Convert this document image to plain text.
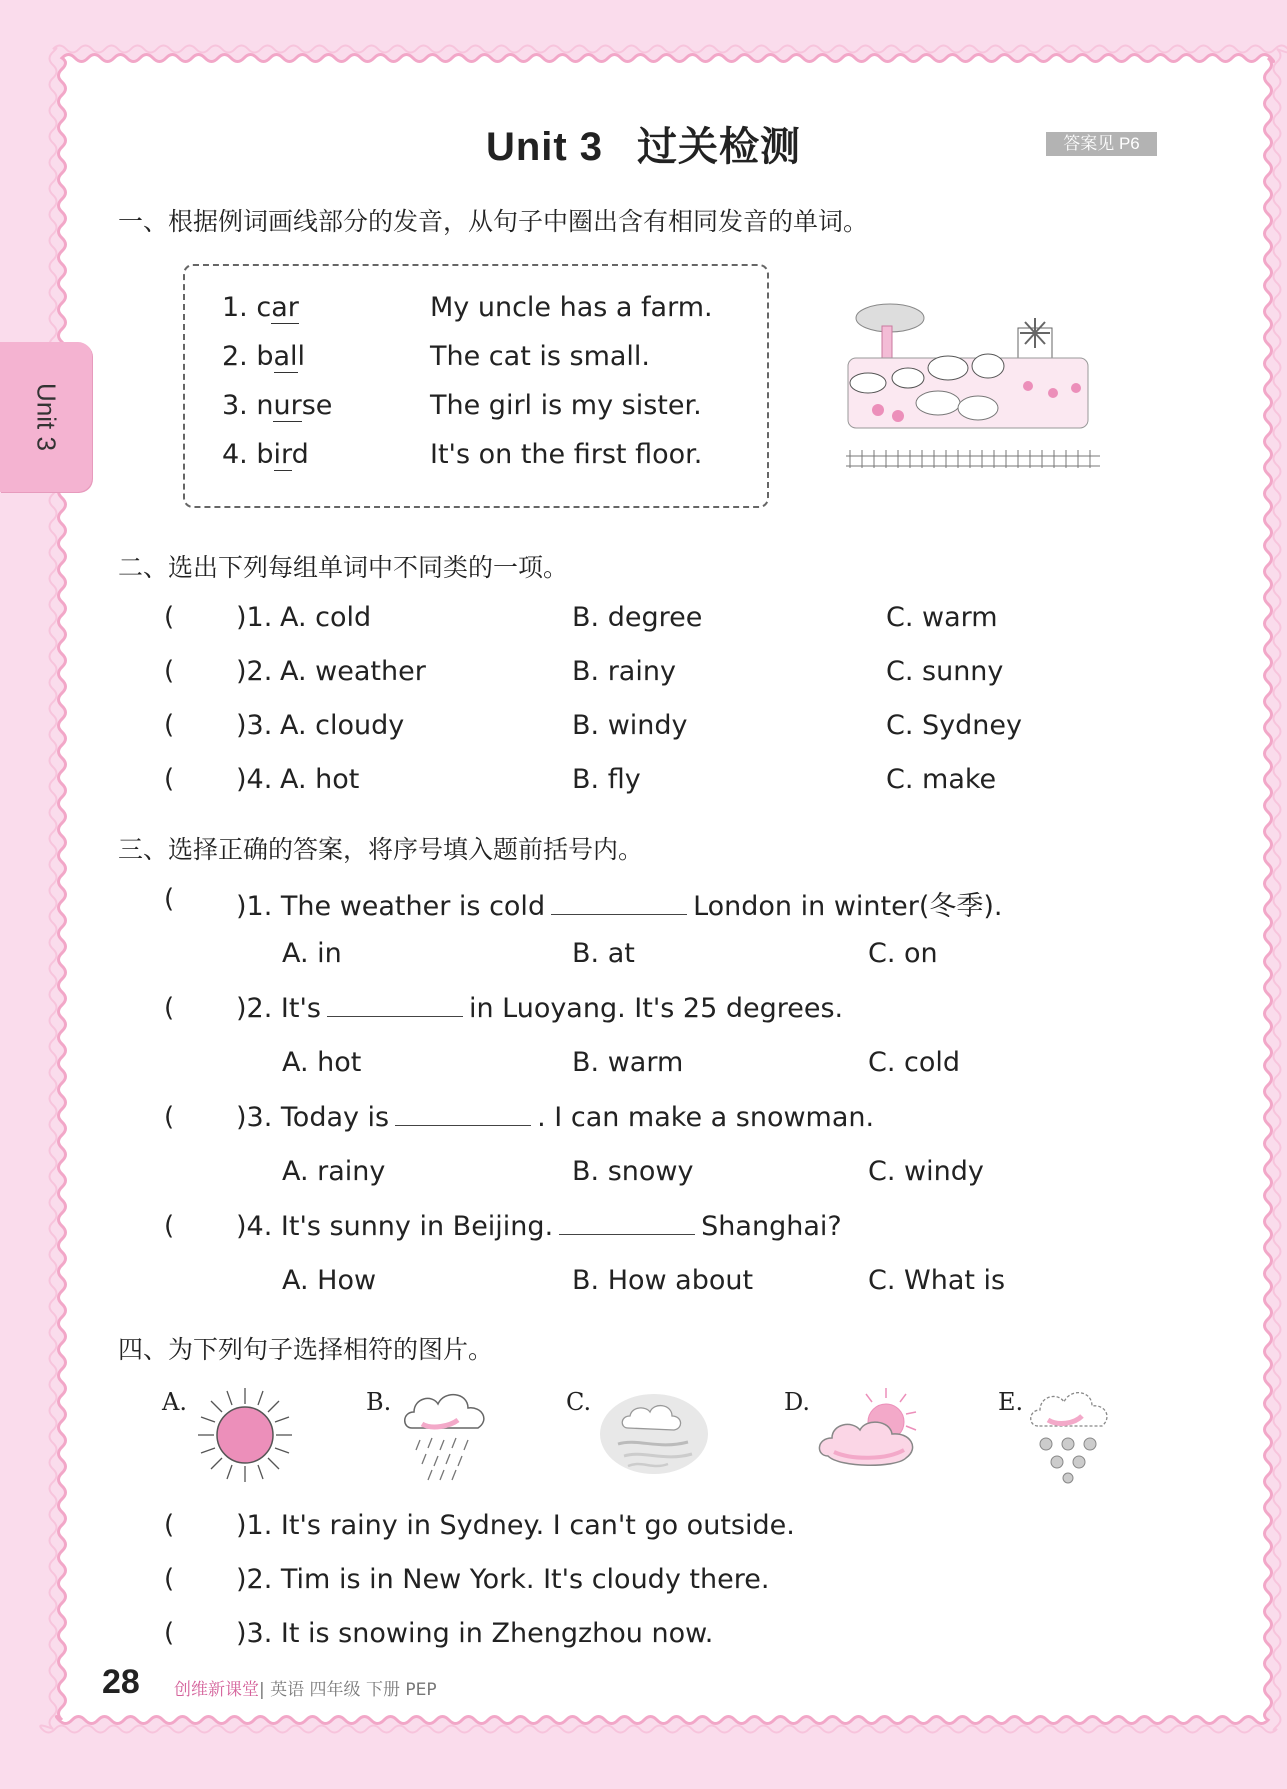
Unit 3
Unit 3 过关检测	答案见 P6
一、根据例词画线部分的发音，从句子中圈出含有相同发音的单词。
1. car	My uncle has a farm.
2. ball	The cat is small.
3. nurse	The girl is my sister.
4. bird	It's on the first floor.
二、选出下列每组单词中不同类的一项。
( )1. A. cold	B. degree	C. warm
( )2. A. weather	B. rainy	C. sunny
( )3. A. cloudy	B. windy	C. Sydney
( )4. A. hot	B. fly	C. make
三、选择正确的答案，将序号填入题前括号内。
( )1. The weather is cold	London in winter(冬季).
A. in	B. at	C. on
( )2. It's	in Luoyang. It's 25 degrees.
A. hot	B. warm	C. cold
( )3. Today is	. I can make a snowman.
A. rainy	B. snowy	C. windy
( )4. It's sunny in Beijing.	Shanghai?
A. How	B. How about	C. What is
四、为下列句子选择相符的图片。
A.	B.	C.	D.	E.
( )1. It's rainy in Sydney. I can't go outside.
( )2. Tim is in New York. It's cloudy there.
( )3. It is snowing in Zhengzhou now.
28 创维新课堂| 英语 四年级 下册 PEP
